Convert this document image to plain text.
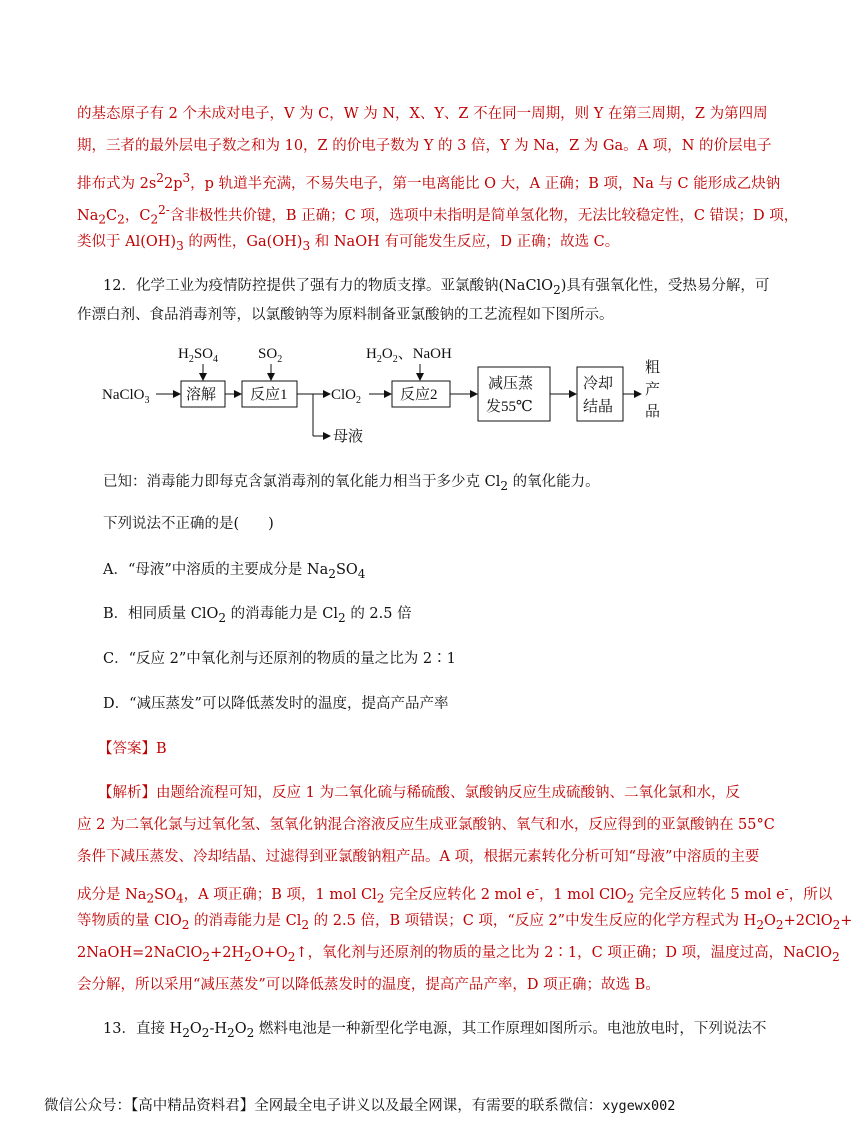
的基态原子有 2 个未成对电子，V 为 C，W 为 N，X、Y、Z 不在同一周期，则 Y 在第三周期，Z 为第四周
期，三者的最外层电子数之和为 10，Z 的价电子数为 Y 的 3 倍，Y 为 Na，Z 为 Ga。A 项，N 的价层电子
排布式为 $2s^22p^3$，p 轨道半充满，不易失电子，第一电离能比 O 大，A 正确；B 项，Na 与 C 能形成乙炔钠
$Na_2C_2$，$C_2^{2-}$含非极性共价键，B 正确；C 项，选项中未指明是简单氢化物，无法比较稳定性，C 错误；D 项，
类似于 $Al(OH)_3$ 的两性，$Ga(OH)_3$ 和 NaOH 有可能发生反应，D 正确；故选 C。
12．化学工业为疫情防控提供了强有力的物质支撑。亚氯酸钠(NaClO$_2$)具有强氧化性，受热易分解，可
作漂白剂、食品消毒剂等，以氯酸钠等为原料制备亚氯酸钠的工艺流程如下图所示。
$H_2SO_4$	$SO_2$	$H_2O_2$、NaOH
NaClO$_3$ 溶解 反应1
母液
ClO$_2$	反应2
减压蒸
发55℃
冷却
结晶
粗
产
品
已知：消毒能力即每克含氯消毒剂的氧化能力相当于多少克 $Cl_2$ 的氧化能力。
下列说法不正确的是(　　)
A．“母液”中溶质的主要成分是 $Na_2SO_4$
B．相同质量 ClO$_2$ 的消毒能力是 $Cl_2$ 的 2.5 倍
C．“反应 2”中氧化剂与还原剂的物质的量之比为 2∶1
D．“减压蒸发”可以降低蒸发时的温度，提高产品产率
【答案】B
【解析】由题给流程可知，反应 1 为二氧化硫与稀硫酸、氯酸钠反应生成硫酸钠、二氧化氯和水，反
应 2 为二氧化氯与过氧化氢、氢氧化钠混合溶液反应生成亚氯酸钠、氧气和水，反应得到的亚氯酸钠在 55°C
条件下减压蒸发、冷却结晶、过滤得到亚氯酸钠粗产品。A 项，根据元素转化分析可知“母液”中溶质的主要
成分是 $Na_2SO_4$，A 项正确；B 项，1 mol $Cl_2$ 完全反应转化 2 mol e-，1 mol ClO$_2$ 完全反应转化 5 mol e-，所以
等物质的量 ClO$_2$ 的消毒能力是 $Cl_2$ 的 2.5 倍，B 项错误；C 项，“反应 2”中发生反应的化学方程式为 $H_2O_2+2ClO_2+$
$2NaOH=2NaClO_2+2H_2O+O_2↑$，氧化剂与还原剂的物质的量之比为 2∶1，C 项正确；D 项，温度过高，NaClO$_2$
会分解，所以采用“减压蒸发”可以降低蒸发时的温度，提高产品产率，D 项正确；故选 B。
13．直接 $H_2O_2-H_2O_2$ 燃料电池是一种新型化学电源，其工作原理如图所示。电池放电时，下列说法不
微信公众号：【高中精品资料君】全网最全电子讲义以及最全网课，有需要的联系微信：xygewx002
